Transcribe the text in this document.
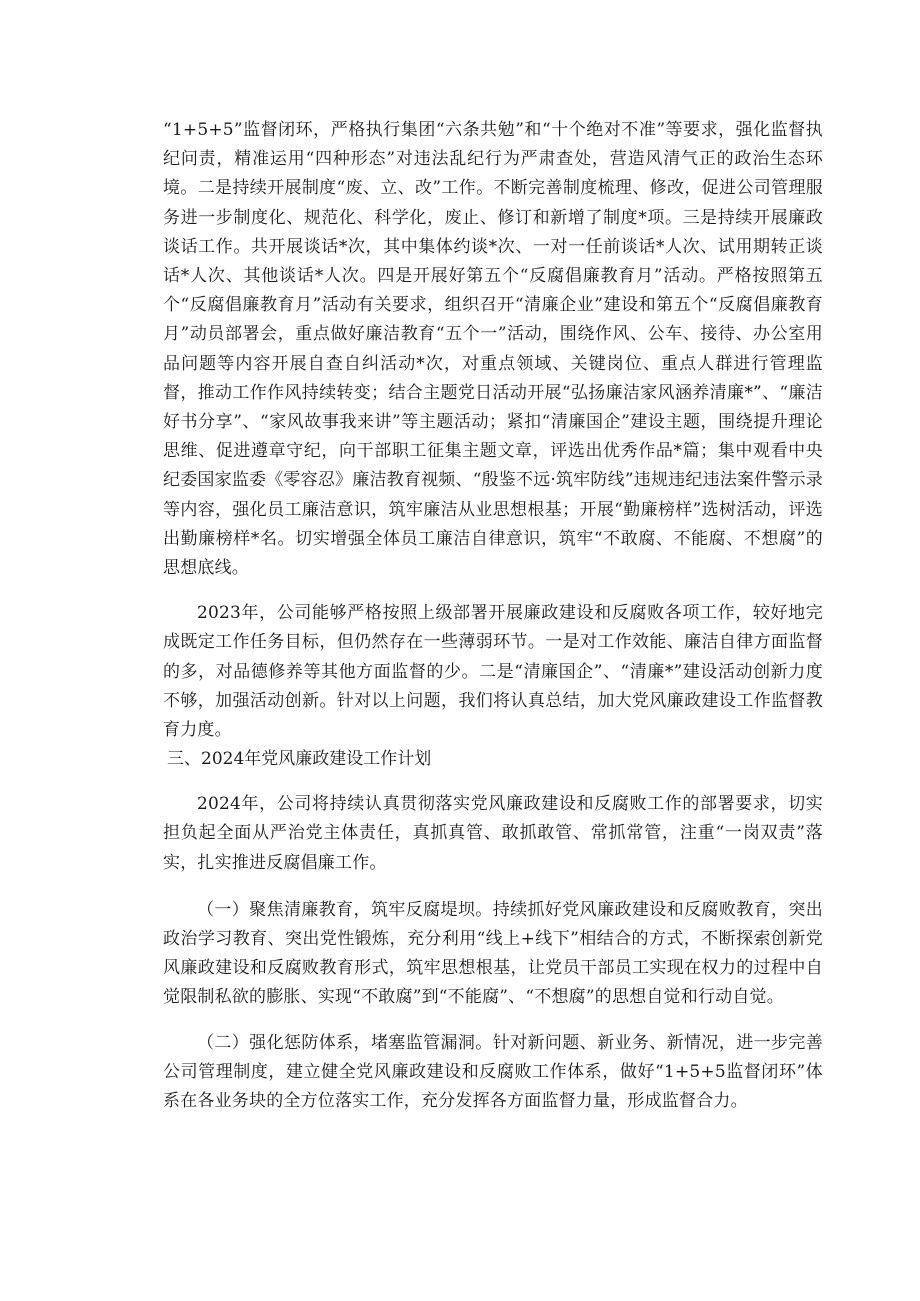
“1+5+5”监督闭环，严格执行集团“六条共勉”和“十个绝对不准”等要求，强化监督执纪问责，精准运用“四种形态”对违法乱纪行为严肃查处，营造风清气正的政治生态环境。二是持续开展制度“废、立、改”工作。不断完善制度梳理、修改，促进公司管理服务进一步制度化、规范化、科学化，废止、修订和新增了制度*项。三是持续开展廉政谈话工作。共开展谈话*次，其中集体约谈*次、一对一任前谈话*人次、试用期转正谈话*人次、其他谈话*人次。四是开展好第五个“反腐倡廉教育月”活动。严格按照第五个“反腐倡廉教育月”活动有关要求，组织召开“清廉企业”建设和第五个“反腐倡廉教育月”动员部署会，重点做好廉洁教育“五个一”活动，围绕作风、公车、接待、办公室用品问题等内容开展自查自纠活动*次，对重点领域、关键岗位、重点人群进行管理监督，推动工作作风持续转变；结合主题党日活动开展“弘扬廉洁家风涵养清廉*”、“廉洁好书分享”、“家风故事我来讲”等主题活动；紧扣“清廉国企”建设主题，围绕提升理论思维、促进遵章守纪，向干部职工征集主题文章，评选出优秀作品*篇；集中观看中央纪委国家监委《零容忍》廉洁教育视频、“殷鉴不远·筑牢防线”违规违纪违法案件警示录等内容，强化员工廉洁意识，筑牢廉洁从业思想根基；开展“勤廉榜样”选树活动，评选出勤廉榜样*名。切实增强全体员工廉洁自律意识，筑牢“不敢腐、不能腐、不想腐”的思想底线。

2023年，公司能够严格按照上级部署开展廉政建设和反腐败各项工作，较好地完成既定工作任务目标，但仍然存在一些薄弱环节。一是对工作效能、廉洁自律方面监督的多，对品德修养等其他方面监督的少。二是“清廉国企”、“清廉*”建设活动创新力度不够，加强活动创新。针对以上问题，我们将认真总结，加大党风廉政建设工作监督教育力度。

三、2024年党风廉政建设工作计划

2024年，公司将持续认真贯彻落实党风廉政建设和反腐败工作的部署要求，切实担负起全面从严治党主体责任，真抓真管、敢抓敢管、常抓常管，注重“一岗双责”落实，扎实推进反腐倡廉工作。

（一）聚焦清廉教育，筑牢反腐堤坝。持续抓好党风廉政建设和反腐败教育，突出政治学习教育、突出党性锻炼，充分利用“线上+线下”相结合的方式，不断探索创新党风廉政建设和反腐败教育形式，筑牢思想根基，让党员干部员工实现在权力的过程中自觉限制私欲的膨胀、实现“不敢腐”到“不能腐”、“不想腐”的思想自觉和行动自觉。

（二）强化惩防体系，堵塞监管漏洞。针对新问题、新业务、新情况，进一步完善公司管理制度，建立健全党风廉政建设和反腐败工作体系，做好“1+5+5监督闭环”体系在各业务块的全方位落实工作，充分发挥各方面监督力量，形成监督合力。
